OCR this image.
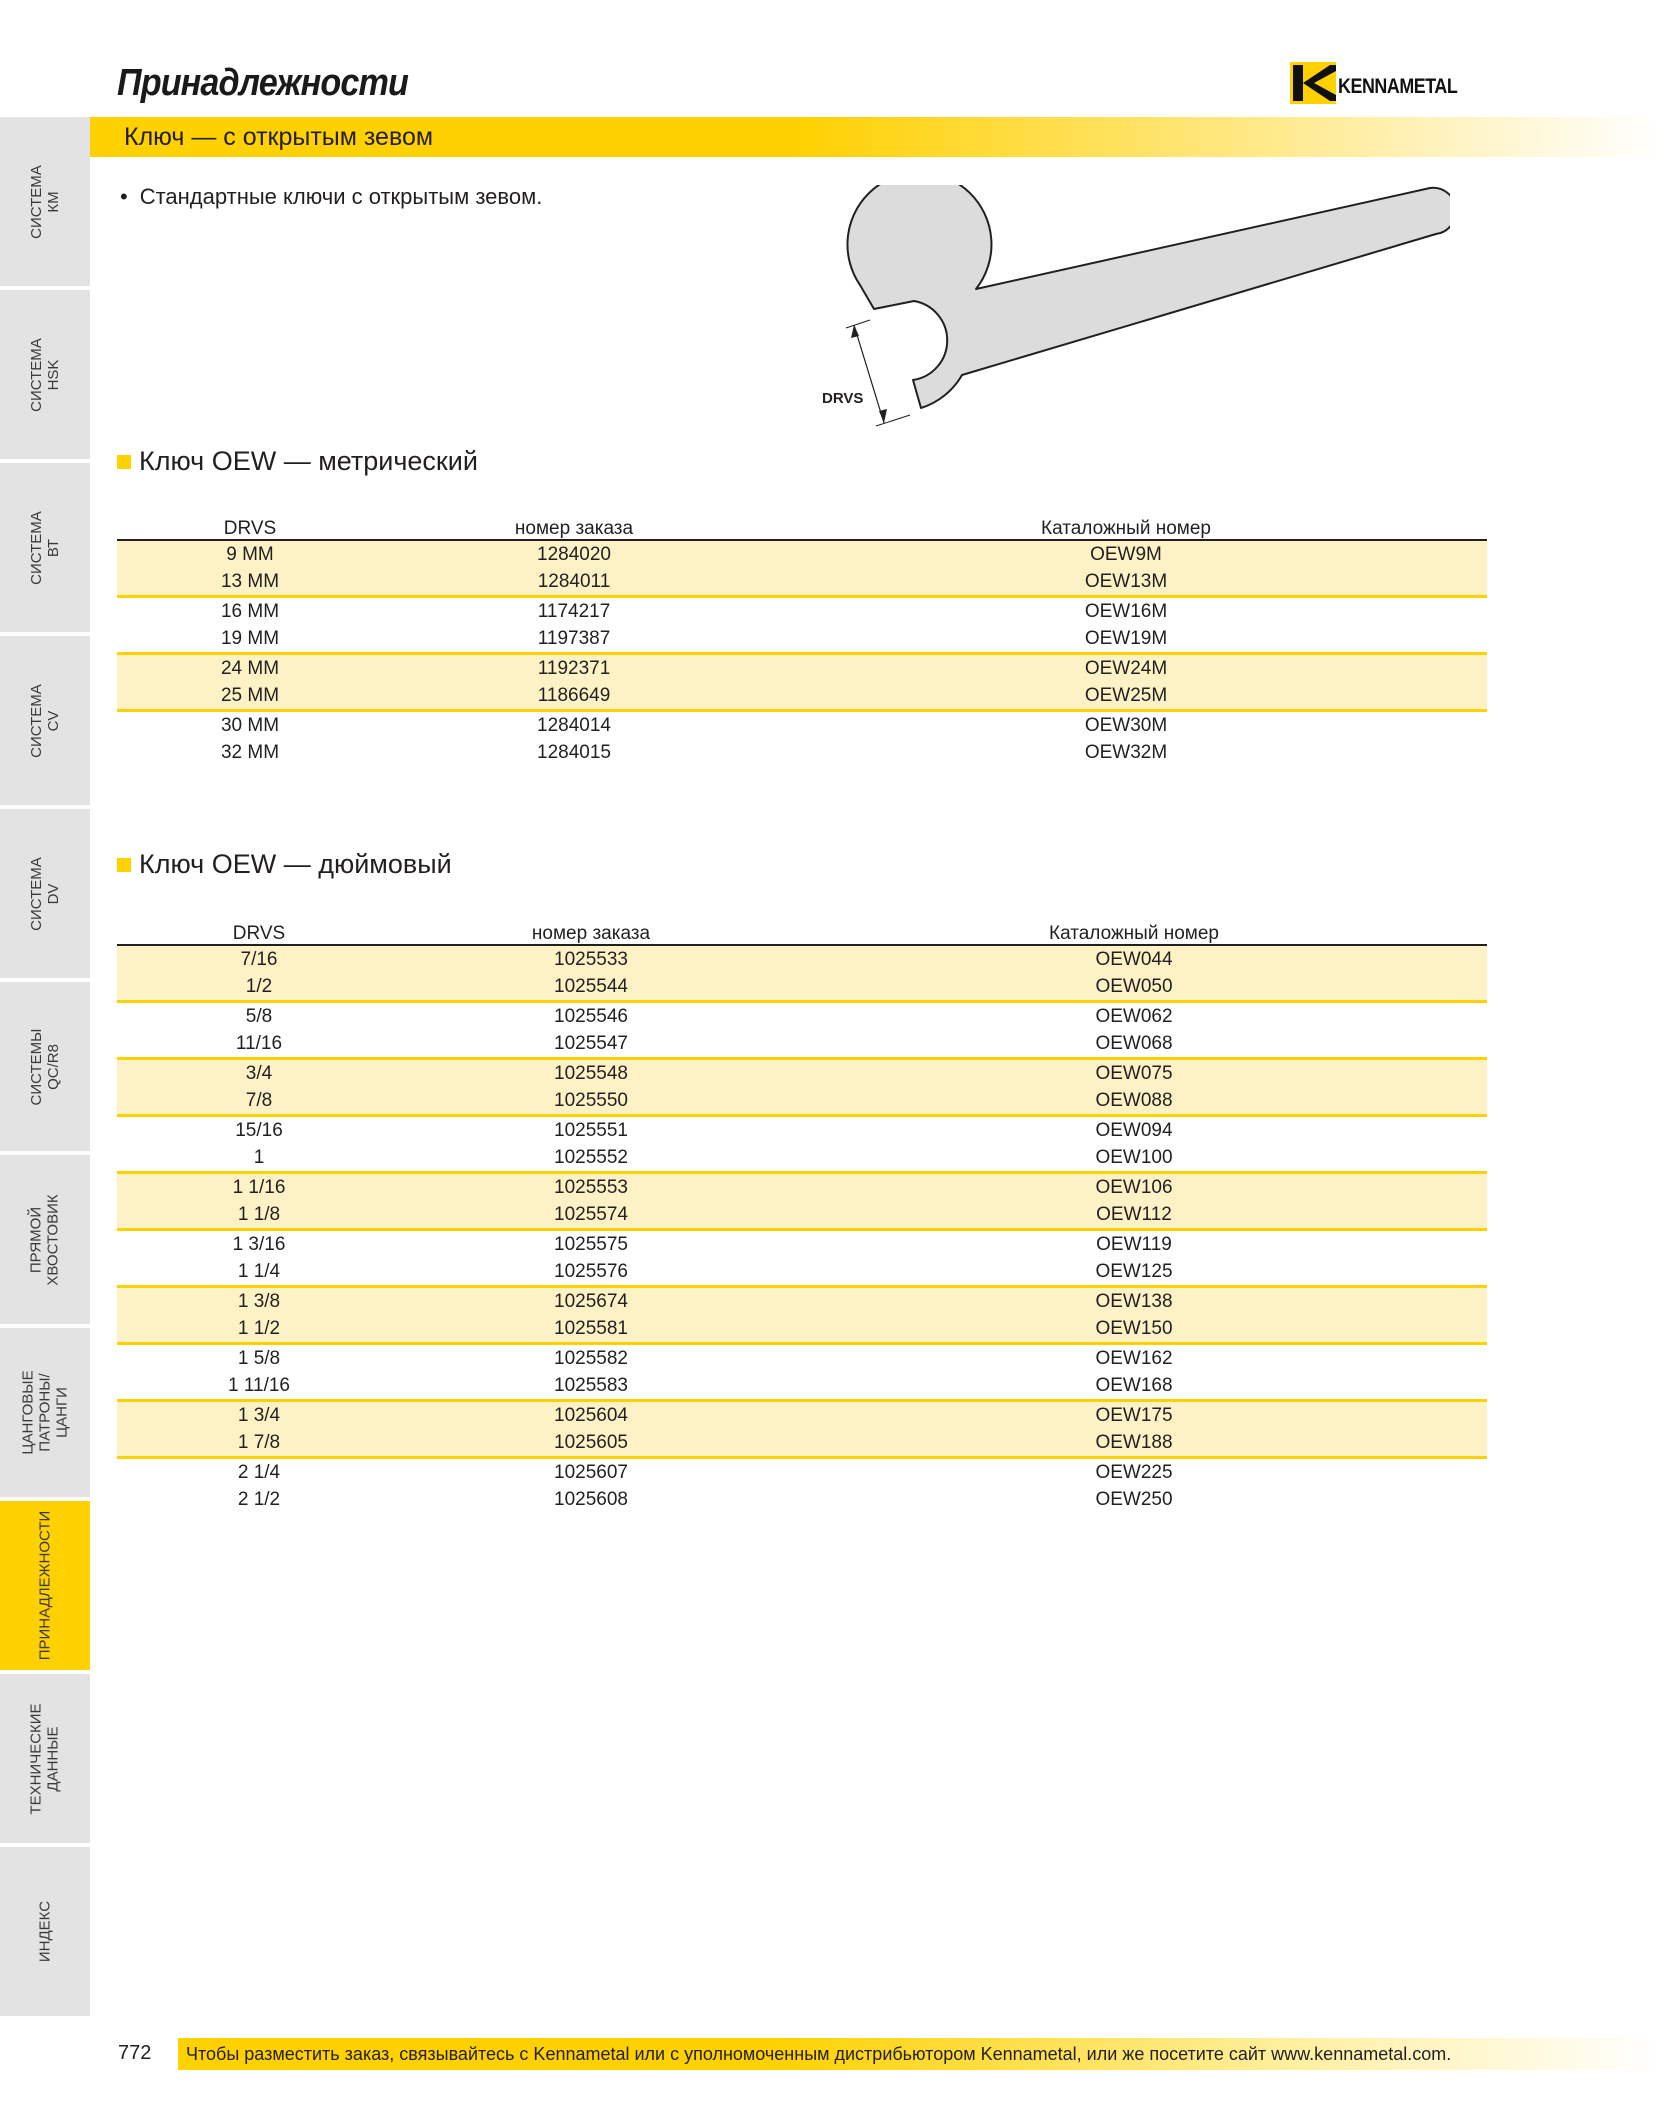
Принадлежности	KENNAMETAL
Ключ — с открытым зевом
СИСТЕМА КМ
СИСТЕМА HSK
СИСТЕМА ВТ
СИСТЕМА CV
СИСТЕМА DV
СИСТЕМЫ QC/R8
ПРЯМОЙ ХВОСТОВИК
ЦАНГОВЫЕ
ПАТРОНЫ/ЦАНГИ
ПРИНАДЛЕЖНОСТИ
ТЕХНИЧЕСКИЕ
ДАННЫЕ
ИНДЕКС
• Стандартные ключи с открытым зевом.
DRVS
Ключ OEW — метрический
DRVS	номер заказа	Каталожный номер
9 MM	1284020	OEW9M
13 MM	1284011	OEW13M
16 MM	1174217	OEW16M
19 MM	1197387	OEW19M
24 MM	1192371	OEW24M
25 MM	1186649	OEW25M
30 MM	1284014	OEW30M
32 MM	1284015	OEW32M
Ключ OEW — дюймовый
DRVS	номер заказа	Каталожный номер
7/16	1025533	OEW044
1/2	1025544	OEW050
5/8	1025546	OEW062
11/16	1025547	OEW068
3/4	1025548	OEW075
7/8	1025550	OEW088
15/16	1025551	OEW094
1	1025552	OEW100
1 1/16	1025553	OEW106
1 1/8	1025574	OEW112
1 3/16	1025575	OEW119
1 1/4	1025576	OEW125
1 3/8	1025674	OEW138
1 1/2	1025581	OEW150
1 5/8	1025582	OEW162
1 11/16	1025583	OEW168
1 3/4	1025604	OEW175
1 7/8	1025605	OEW188
2 1/4	1025607	OEW225
2 1/2	1025608	OEW250
772 Чтобы разместить заказ, связывайтесь с Kennametal или с уполномоченным дистрибьютором Kennametal, или же посетите сайт www.kennametal.com.
